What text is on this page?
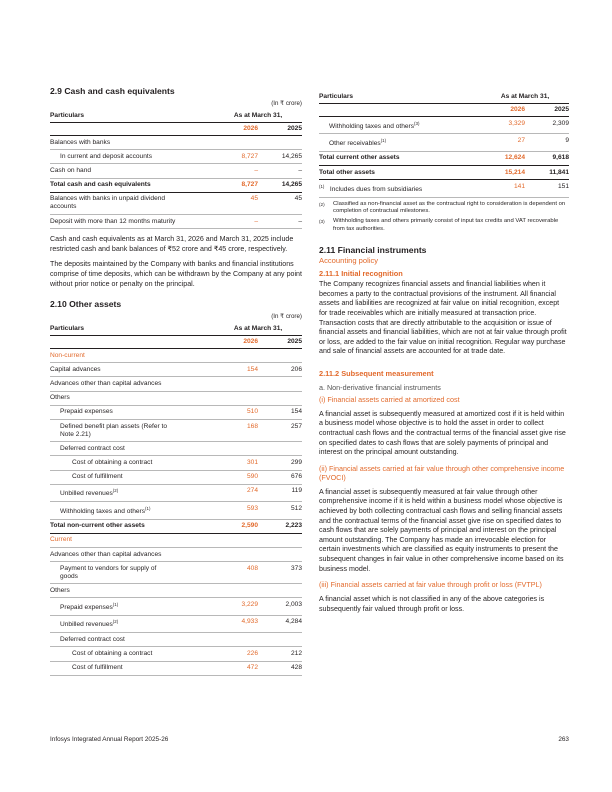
2.9 Cash and cash equivalents
(In ₹ crore)
Particulars	As at March 31,	
	2026	2025
Balances with banks		
In current and deposit accounts	8,727	14,265
Cash on hand	–	–
Total cash and cash equivalents	8,727	14,265
Balances with banks in unpaid dividend accounts	45	45
Deposit with more than 12 months maturity	–	–

Cash and cash equivalents as at March 31, 2026 and March 31, 2025 include restricted cash and bank balances of ₹52 crore and ₹45 crore, respectively.

The deposits maintained by the Company with banks and financial institutions comprise of time deposits, which can be withdrawn by the Company at any point without prior notice or penalty on the principal.

2.10 Other assets
(In ₹ crore)
Particulars	As at March 31,	
	2026	2025
Non-current		
Capital advances	154	206
Advances other than capital advances		
Others		
Prepaid expenses	510	154
Defined benefit plan assets (Refer to Note 2.21)	168	257
Deferred contract cost		
Cost of obtaining a contract	301	299
Cost of fulfillment	590	676
Unbilled revenues$^{(2)}$	274	119
Withholding taxes and others$^{(1)}$	593	512
Total non-current other assets	2,590	2,223
Current		
Advances other than capital advances		
Payment to vendors for supply of goods	408	373
Others		
Prepaid expenses$^{(1)}$	3,229	2,003
Unbilled revenues$^{(2)}$	4,933	4,284
Deferred contract cost		
Cost of obtaining a contract	226	212
Cost of fulfillment	472	428
Particulars	As at March 31,	
	2026	2025
Withholding taxes and others$^{(3)}$	3,329	2,309
Other receivables$^{(1)}$	27	9
Total current other assets	12,624	9,618
Total other assets	15,214	11,841
$^{(1)}$ Includes dues from subsidiaries	141	151
(2)	Classified as non-financial asset as the contractual right to consideration is dependent on completion of contractual milestones.
(3)	Withholding taxes and others primarily consist of input tax credits and VAT recoverable from tax authorities.
2.11 Financial instruments
Accounting policy
2.11.1 Initial recognition

The Company recognizes financial assets and financial liabilities when it becomes a party to the contractual provisions of the instrument. All financial assets and liabilities are recognized at fair value on initial recognition, except for trade receivables which are initially measured at transaction price. Transaction costs that are directly attributable to the acquisition or issue of financial assets and financial liabilities, which are not at fair value through profit or loss, are added to the fair value on initial recognition. Regular way purchase and sale of financial assets are accounted for at trade date.

2.11.2 Subsequent measurement
a. Non-derivative financial instruments
(i) Financial assets carried at amortized cost

A financial asset is subsequently measured at amortized cost if it is held within a business model whose objective is to hold the asset in order to collect contractual cash flows and the contractual terms of the financial asset give rise on specified dates to cash flows that are solely payments of principal and interest on the principal amount outstanding.

(ii) Financial assets carried at fair value through other comprehensive income (FVOCI)

A financial asset is subsequently measured at fair value through other comprehensive income if it is held within a business model whose objective is achieved by both collecting contractual cash flows and selling financial assets and the contractual terms of the financial asset give rise on specified dates to cash flows that are solely payments of principal and interest on the principal amount outstanding. The Company has made an irrevocable election for certain investments which are classified as equity instruments to present the subsequent changes in fair value in other comprehensive income based on its business model.

(iii) Financial assets carried at fair value through profit or loss (FVTPL)

A financial asset which is not classified in any of the above categories is subsequently fair valued through profit or loss.

Infosys Integrated Annual Report 2025-26	263
